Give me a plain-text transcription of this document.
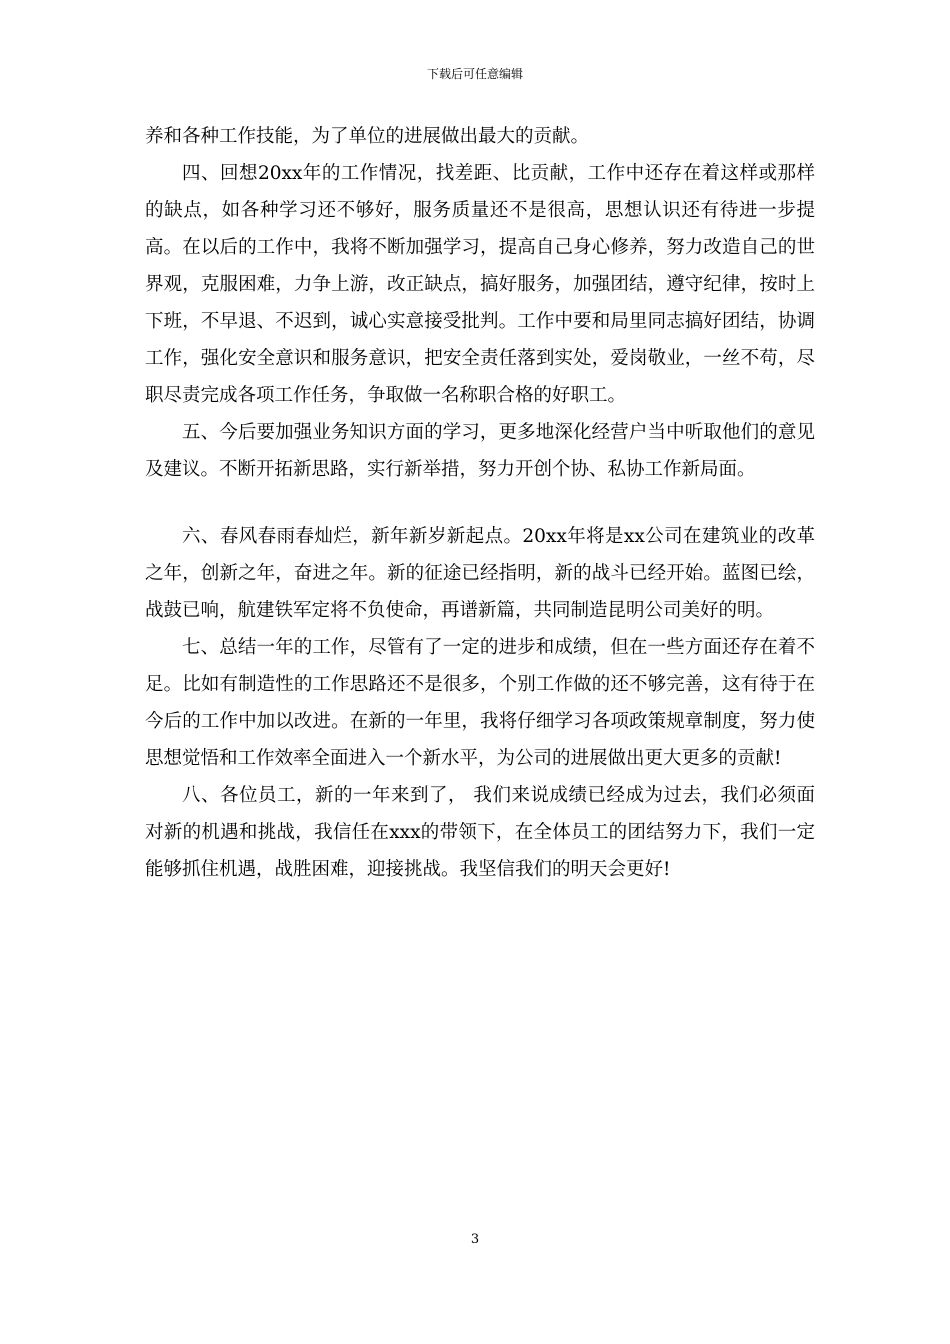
下载后可任意编辑

养和各种工作技能，为了单位的进展做出最大的贡献。

四、回想20xx年的工作情况，找差距、比贡献，工作中还存在着这样或那样的缺点，如各种学习还不够好，服务质量还不是很高，思想认识还有待进一步提高。在以后的工作中，我将不断加强学习，提高自己身心修养，努力改造自己的世界观，克服困难，力争上游，改正缺点，搞好服务，加强团结，遵守纪律，按时上下班，不早退、不迟到，诚心实意接受批判。工作中要和局里同志搞好团结，协调工作，强化安全意识和服务意识，把安全责任落到实处，爱岗敬业，一丝不苟，尽职尽责完成各项工作任务，争取做一名称职合格的好职工。

五、今后要加强业务知识方面的学习，更多地深化经营户当中听取他们的意见及建议。不断开拓新思路，实行新举措，努力开创个协、私协工作新局面。

六、春风春雨春灿烂，新年新岁新起点。20xx年将是xx公司在建筑业的改革之年，创新之年，奋进之年。新的征途已经指明，新的战斗已经开始。蓝图已绘，战鼓已响，航建铁军定将不负使命，再谱新篇，共同制造昆明公司美好的明。

七、总结一年的工作，尽管有了一定的进步和成绩，但在一些方面还存在着不足。比如有制造性的工作思路还不是很多，个别工作做的还不够完善，这有待于在今后的工作中加以改进。在新的一年里，我将仔细学习各项政策规章制度，努力使思想觉悟和工作效率全面进入一个新水平，为公司的进展做出更大更多的贡献!

八、各位员工，新的一年来到了， 我们来说成绩已经成为过去，我们必须面对新的机遇和挑战，我信任在xxx的带领下，在全体员工的团结努力下，我们一定能够抓住机遇，战胜困难，迎接挑战。我坚信我们的明天会更好!

3
